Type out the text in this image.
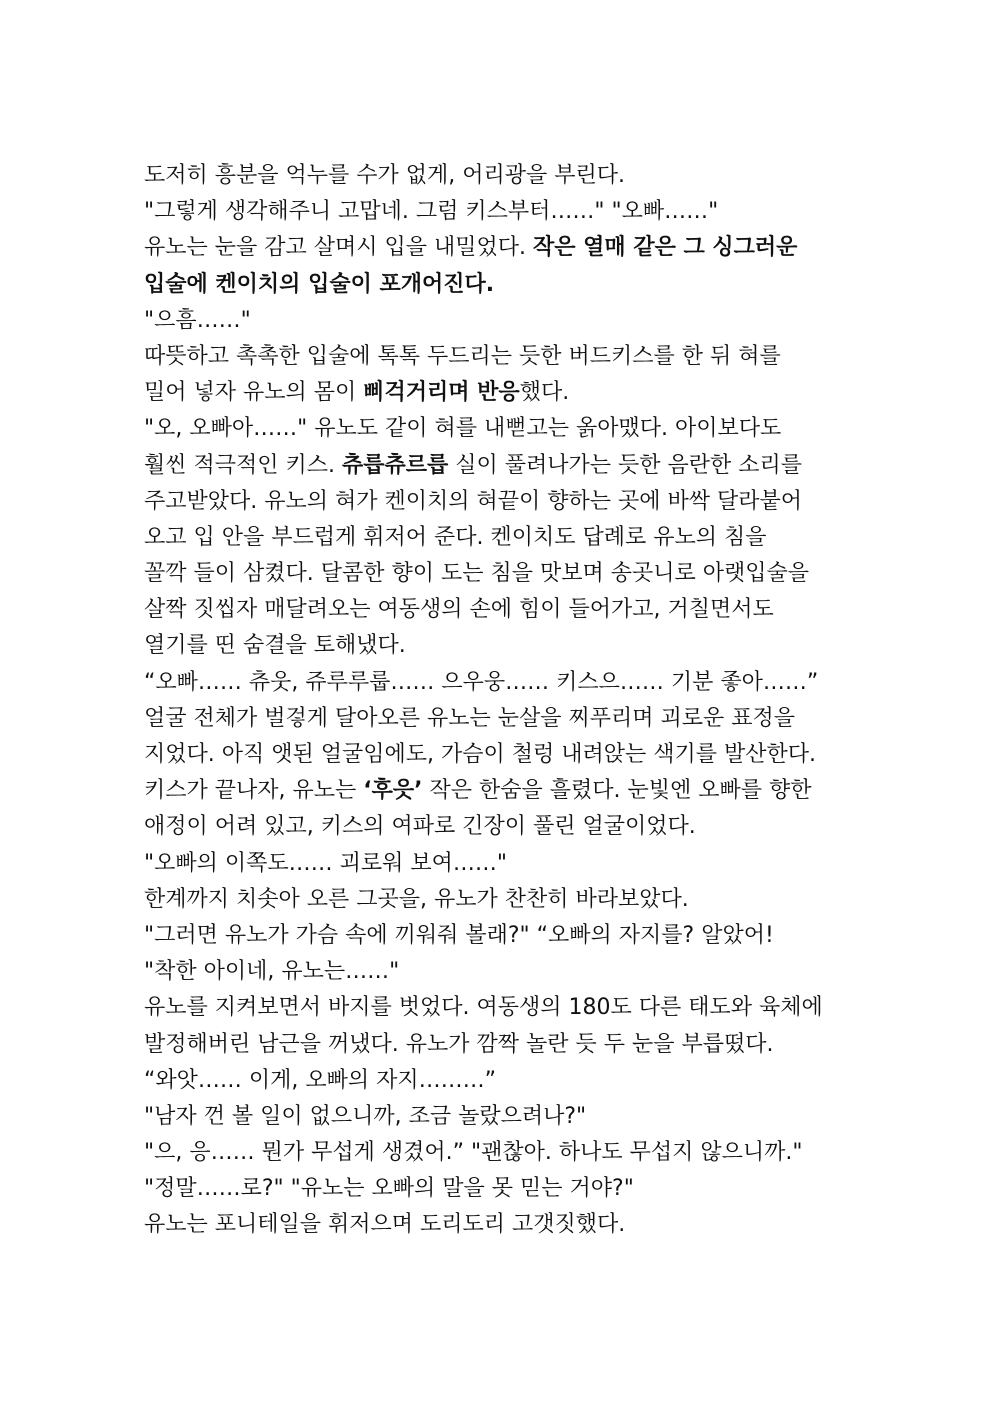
도저히 흥분을 억누를 수가 없게, 어리광을 부린다.
"그렇게 생각해주니 고맙네. 그럼 키스부터……" "오빠……"
유노는 눈을 감고 살며시 입을 내밀었다. 작은 열매 같은 그 싱그러운
입술에 켄이치의 입술이 포개어진다.
"으흠……"
따뜻하고 촉촉한 입술에 톡톡 두드리는 듯한 버드키스를 한 뒤 혀를
밀어 넣자 유노의 몸이 삐걱거리며 반응했다.
"오, 오빠아……" 유노도 같이 혀를 내뻗고는 옭아맸다. 아이보다도
훨씬 적극적인 키스. 츄릅츄르릅 실이 풀려나가는 듯한 음란한 소리를
주고받았다. 유노의 혀가 켄이치의 혀끝이 향하는 곳에 바싹 달라붙어
오고 입 안을 부드럽게 휘저어 준다. 켄이치도 답례로 유노의 침을
꼴깍 들이 삼켰다. 달콤한 향이 도는 침을 맛보며 송곳니로 아랫입술을
살짝 짓씹자 매달려오는 여동생의 손에 힘이 들어가고, 거칠면서도
열기를 띤 숨결을 토해냈다.
“오빠…… 츄웃, 쥬루루룹…… 으우웅…… 키스으…… 기분 좋아……”
얼굴 전체가 벌겋게 달아오른 유노는 눈살을 찌푸리며 괴로운 표정을
지었다. 아직 앳된 얼굴임에도, 가슴이 철렁 내려앉는 색기를 발산한다.
키스가 끝나자, 유노는 ‘후읏’ 작은 한숨을 흘렸다. 눈빛엔 오빠를 향한
애정이 어려 있고, 키스의 여파로 긴장이 풀린 얼굴이었다.
"오빠의 이쪽도…… 괴로워 보여……"
한계까지 치솟아 오른 그곳을, 유노가 찬찬히 바라보았다.
"그러면 유노가 가슴 속에 끼워줘 볼래?" “오빠의 자지를? 알았어!
"착한 아이네, 유노는……"
유노를 지켜보면서 바지를 벗었다. 여동생의 180도 다른 태도와 육체에
발정해버린 남근을 꺼냈다. 유노가 깜짝 놀란 듯 두 눈을 부릅떴다.
“와앗…… 이게, 오빠의 자지………”
"남자 껀 볼 일이 없으니까, 조금 놀랐으려나?"
"으, 응…… 뭔가 무섭게 생겼어.” "괜찮아. 하나도 무섭지 않으니까."
"정말……로?" "유노는 오빠의 말을 못 믿는 거야?"
유노는 포니테일을 휘저으며 도리도리 고갯짓했다.
